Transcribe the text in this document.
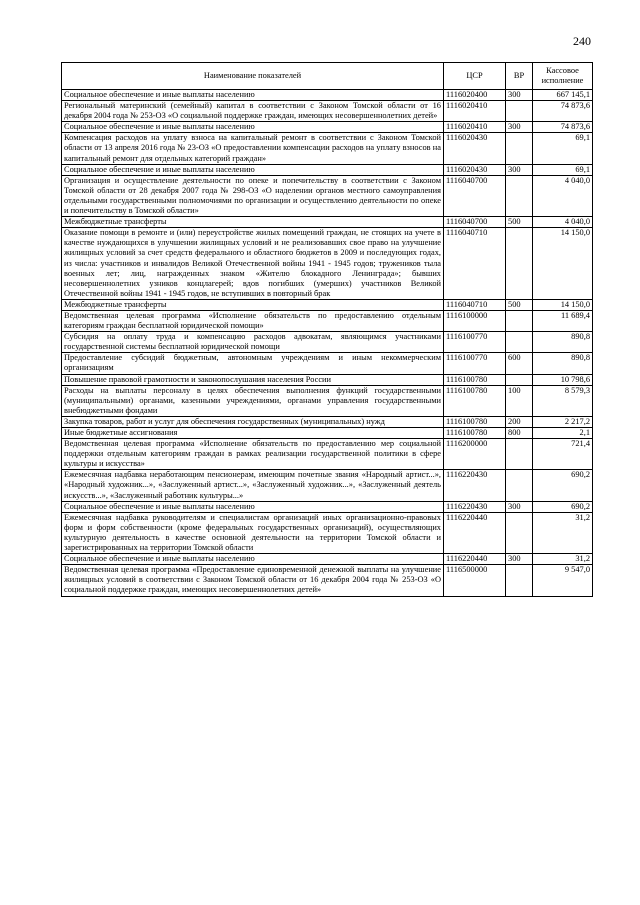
240
Наименование показателей	ЦСР	ВР	Кассовое исполнение
Социальное обеспечение и иные выплаты населению	1116020400	300	667 145,1
Региональный материнский (семейный) капитал в соответствии с Законом Томской области от 16 декабря 2004 года № 253-ОЗ «О социальной поддержке граждан, имеющих несовершеннолетних детей»	1116020410		74 873,6
Социальное обеспечение и иные выплаты населению	1116020410	300	74 873,6
Компенсация расходов на уплату взноса на капитальный ремонт в соответствии с Законом Томской области от 13 апреля 2016 года № 23-ОЗ «О предоставлении компенсации расходов на уплату взносов на капитальный ремонт для отдельных категорий граждан»	1116020430		69,1
Социальное обеспечение и иные выплаты населению	1116020430	300	69,1
Организация и осуществление деятельности по опеке и попечительству в соответствии с Законом Томской области от 28 декабря 2007 года № 298-ОЗ «О наделении органов местного самоуправления отдельными государственными полномочиями по организации и осуществлению деятельности по опеке и попечительству в Томской области»	1116040700		4 040,0
Межбюджетные трансферты	1116040700	500	4 040,0
Оказание помощи в ремонте и (или) переустройстве жилых помещений граждан, не стоящих на учете в качестве нуждающихся в улучшении жилищных условий и не реализовавших свое право на улучшение жилищных условий за счет средств федерального и областного бюджетов в 2009 и последующих годах, из числа: участников и инвалидов Великой Отечественной войны 1941 - 1945 годов; тружеников тыла военных лет; лиц, награжденных знаком «Жителю блокадного Ленинграда»; бывших несовершеннолетних узников концлагерей; вдов погибших (умерших) участников Великой Отечественной войны 1941 - 1945 годов, не вступивших в повторный брак	1116040710		14 150,0
Межбюджетные трансферты	1116040710	500	14 150,0
Ведомственная целевая программа «Исполнение обязательств по предоставлению отдельным категориям граждан бесплатной юридической помощи»	1116100000		11 689,4
Субсидия на оплату труда и компенсацию расходов адвокатам, являющимся участниками государственной системы бесплатной юридической помощи	1116100770		890,8
Предоставление субсидий бюджетным, автономным учреждениям и иным некоммерческим организациям	1116100770	600	890,8
Повышение правовой грамотности и законопослушания населения России	1116100780		10 798,6
Расходы на выплаты персоналу в целях обеспечения выполнения функций государственными (муниципальными) органами, казенными учреждениями, органами управления государственными внебюджетными фондами	1116100780	100	8 579,3
Закупка товаров, работ и услуг для обеспечения государственных (муниципальных) нужд	1116100780	200	2 217,2
Иные бюджетные ассигнования	1116100780	800	2,1
Ведомственная целевая программа «Исполнение обязательств по предоставлению мер социальной поддержки отдельным категориям граждан в рамках реализации государственной политики в сфере культуры и искусства»	1116200000		721,4
Ежемесячная надбавка неработающим пенсионерам, имеющим почетные звания «Народный артист...», «Народный художник...», «Заслуженный артист...», «Заслуженный художник...», «Заслуженный деятель искусств...», «Заслуженный работник культуры...»	1116220430		690,2
Социальное обеспечение и иные выплаты населению	1116220430	300	690,2
Ежемесячная надбавка руководителям и специалистам организаций иных организационно-правовых форм и форм собственности (кроме федеральных государственных организаций), осуществляющих культурную деятельность в качестве основной деятельности на территории Томской области и зарегистрированных на территории Томской области	1116220440		31,2
Социальное обеспечение и иные выплаты населению	1116220440	300	31,2
Ведомственная целевая программа «Предоставление единовременной денежной выплаты на улучшение жилищных условий в соответствии с Законом Томской области от 16 декабря 2004 года № 253-ОЗ «О социальной поддержке граждан, имеющих несовершеннолетних детей»	1116500000		9 547,0
